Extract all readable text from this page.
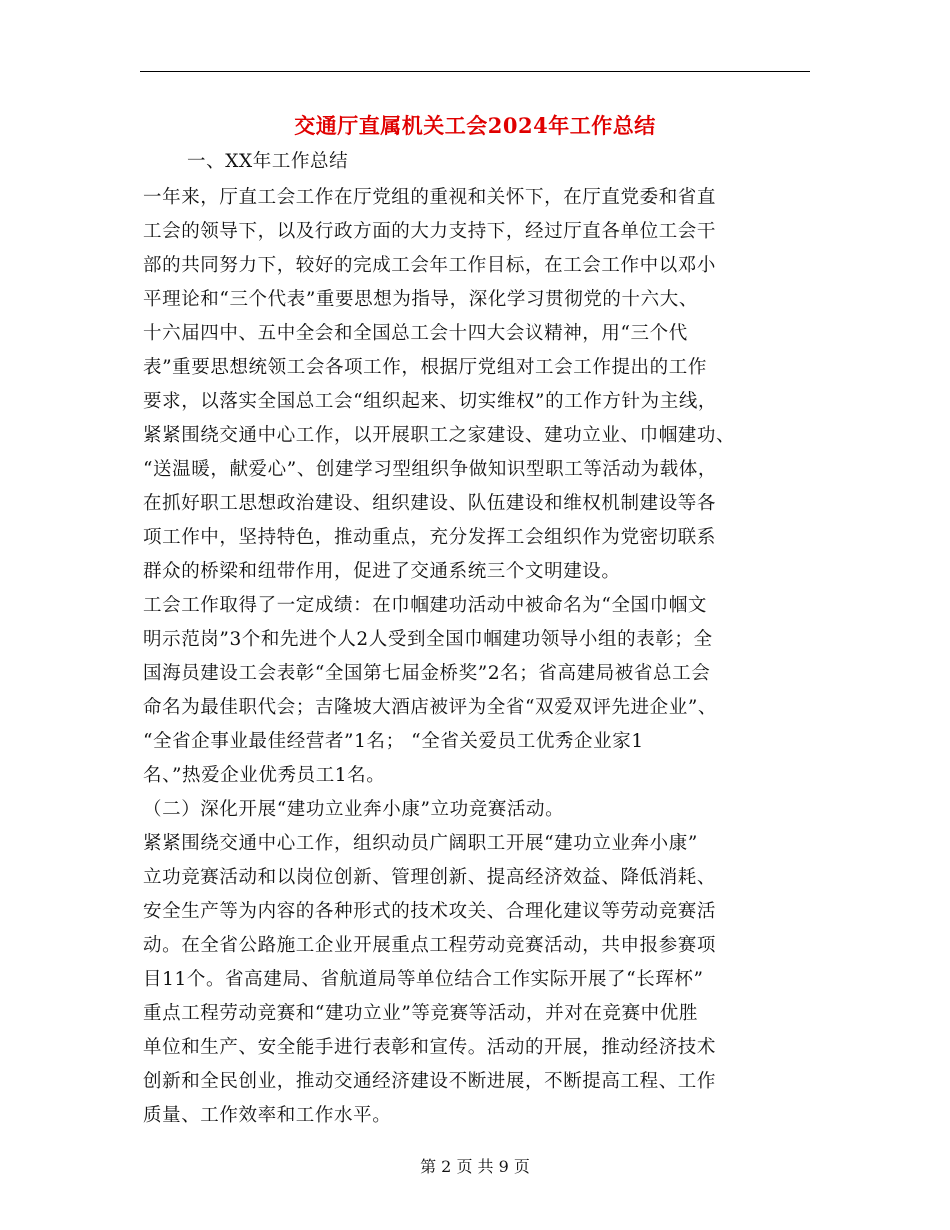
交通厅直属机关工会2024年工作总结
一、XX年工作总结
一年来，厅直工会工作在厅党组的重视和关怀下，在厅直党委和省直
工会的领导下，以及行政方面的大力支持下，经过厅直各单位工会干
部的共同努力下，较好的完成工会年工作目标，在工会工作中以邓小
平理论和“三个代表”重要思想为指导，深化学习贯彻党的十六大、
十六届四中、五中全会和全国总工会十四大会议精神，用“三个代
表”重要思想统领工会各项工作，根据厅党组对工会工作提出的工作
要求，以落实全国总工会“组织起来、切实维权”的工作方针为主线，
紧紧围绕交通中心工作，以开展职工之家建设、建功立业、巾帼建功、
“送温暖，献爱心”、创建学习型组织争做知识型职工等活动为载体，
在抓好职工思想政治建设、组织建设、队伍建设和维权机制建设等各
项工作中，坚持特色，推动重点，充分发挥工会组织作为党密切联系
群众的桥梁和纽带作用，促进了交通系统三个文明建设。
工会工作取得了一定成绩：在巾帼建功活动中被命名为“全国巾帼文
明示范岗”3个和先进个人2人受到全国巾帼建功领导小组的表彰；全
国海员建设工会表彰“全国第七届金桥奖”2名；省高建局被省总工会
命名为最佳职代会；吉隆坡大酒店被评为全省“双爱双评先进企业”、
“全省企事业最佳经营者”1名； “全省关爱员工优秀企业家1
名、”热爱企业优秀员工1名。
（二）深化开展“建功立业奔小康”立功竞赛活动。
紧紧围绕交通中心工作，组织动员广阔职工开展“建功立业奔小康”
立功竞赛活动和以岗位创新、管理创新、提高经济效益、降低消耗、
安全生产等为内容的各种形式的技术攻关、合理化建议等劳动竞赛活
动。在全省公路施工企业开展重点工程劳动竞赛活动，共申报参赛项
目11个。省高建局、省航道局等单位结合工作实际开展了“长珲杯”
重点工程劳动竞赛和“建功立业”等竞赛等活动，并对在竞赛中优胜
单位和生产、安全能手进行表彰和宣传。活动的开展，推动经济技术
创新和全民创业，推动交通经济建设不断进展，不断提高工程、工作
质量、工作效率和工作水平。
第 2 页 共 9 页
